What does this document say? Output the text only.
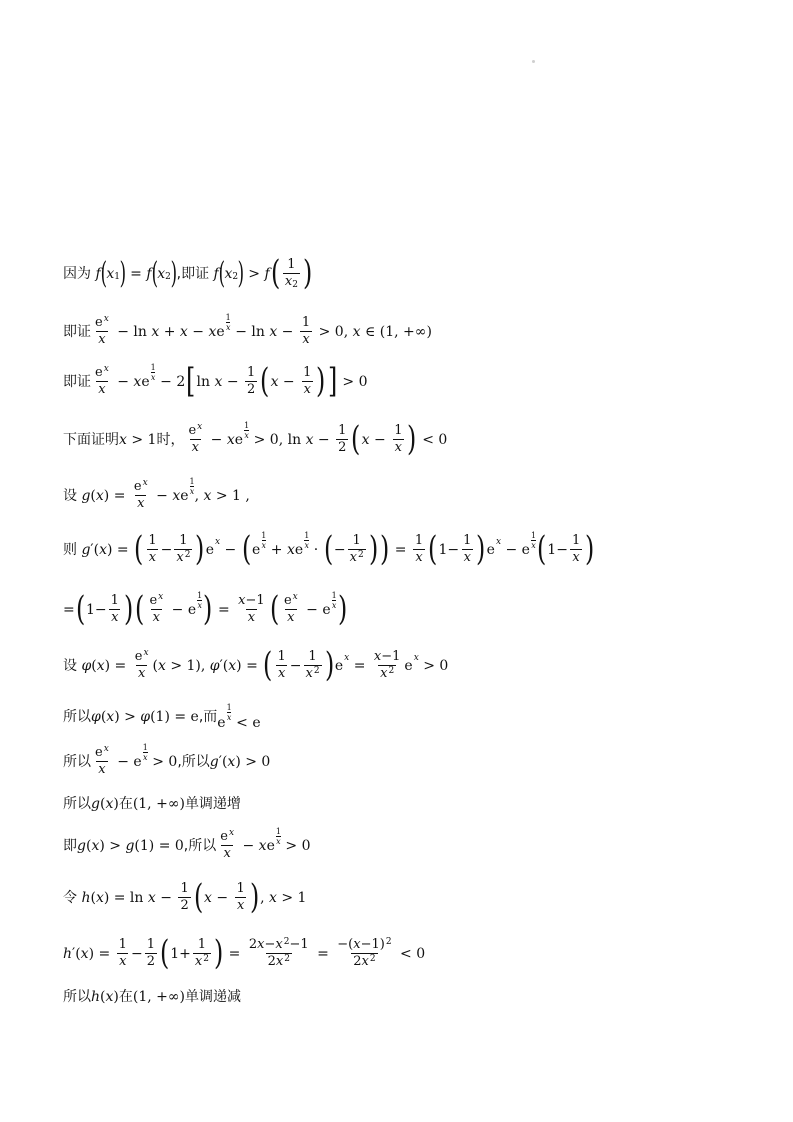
因为 f ( x 1 ) = f ( x 2 ) ,即证 f ( x 2 ) > f ( $\frac{1}{x2}$ )
即证 $\frac{e^x}{x} - \ln x + x - x$ e
1
$x - \ln x - \frac{1}{x} > 0$, x ∈ (1, +∞)
即证 $\frac{e^x}{x} - x$ e
1
x − 2 [ $\ln x - \frac{1}{2}$ ( $x - \frac{1}{x}$ ) ] > 0
下面证明 x > 1 时， $\frac{e^x}{x} - x$ e
1
x > 0, $\ln x - \frac{1}{2}$ ( $x - \frac{1}{x}$ ) < 0
设 g ( x ) = $\frac{e^x}{x} - x$ e
1
x , x > 1 ,
则 g ′( x ) = ( $\frac{1}{x} - \frac{1}{x^2}$ ) e x − ( e
1
x + x e
1
x · ( − $\frac{1}{x^2}$ ) ) = $\frac{1}{x}$ ( $1- \frac{1}{x}$ ) e x − e
1
x ( $1- \frac{1}{x}$ )
= ( $1- \frac{1}{x}$ ) ( $\frac{e^x}{x} - e$
1
x ) = $\frac{x-1}{x}$ ( $\frac{e^x}{x} - e$
1
x )
设 φ ( x ) = $\frac{e^x}{x}$ ( x > 1), φ ′( x ) = ( $\frac{1}{x} - \frac{1}{x^2}$ ) e $x = \frac{x-1}{x^2}$ e x > 0
所以 φ ( x ) > φ (1) = e ,而 e
1
x < e
所以 $\frac{e^x}{x} - e$
1
x > 0 ,所以 g ′( x ) > 0
所以 g ( x ) 在 (1, +∞) 单调递增
即 g ( x ) > g (1) = 0 ,所以 $\frac{e^x}{x} - x$ e
1
x > 0
令 h ( x ) = $\ln x - \frac{1}{2}$ ( $x - \frac{1}{x}$ ) , x > 1
h ′( x ) = $\frac{1}{x} - \frac{1}{2}$ ( $1+ \frac{1}{x^2}$ ) = $\frac{2x-x^2-1}{2x^2} = \frac{-(x-1)^2}{2x^2} < 0$
所以 h ( x ) 在 (1, +∞) 单调递减
